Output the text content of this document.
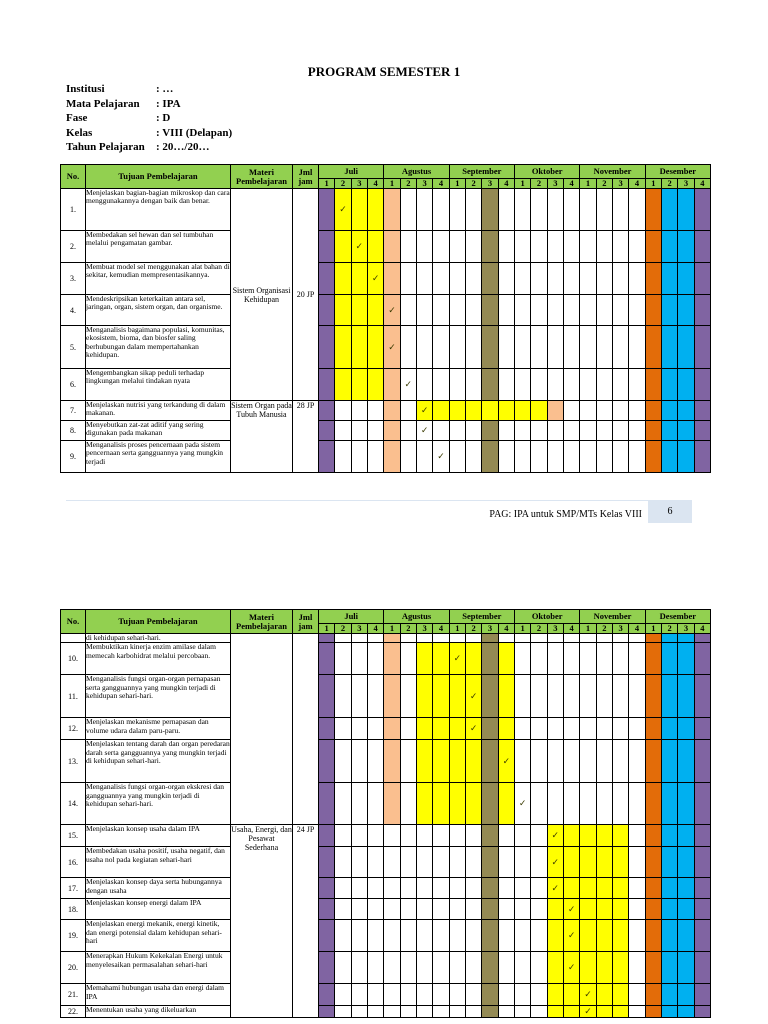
PROGRAM SEMESTER 1
Institusi	: …
Mata Pelajaran	: IPA
Fase	: D
Kelas	: VIII (Delapan)
Tahun Pelajaran	: 20…/20…
No.	Tujuan Pembelajaran	Materi Pembelajaran	Jml jam	Juli				Agustus				September				Oktober				November				Desember			
				1	2	3	4	1	2	3	4	1	2	3	4	1	2	3	4	1	2	3	4	1	2	3	4
1.	Menjelaskan bagian-bagian mikroskop dan cara menggunakannya dengan baik dan benar.	Sistem Organisasi Kehidupan	20 JP		✓																						
2.	Membedakan sel hewan dan sel tumbuhan melalui pengamatan gambar.					✓																					
3.	Membuat model sel menggunakan alat bahan di sekitar, kemudian mempresentasikannya.						✓																				
4.	Mendeskripsikan keterkaitan antara sel, jaringan, organ, sistem organ, dan organisme.							✓																			
5.	Menganalisis bagaimana populasi, komunitas, ekosistem, bioma, dan biosfer saling berhubungan dalam mempertahankan kehidupan.							✓																			
6.	Mengembangkan sikap peduli terhadap lingkungan melalui tindakan nyata								✓																		
7.	Menjelaskan nutrisi yang terkandung di dalam makanan.	Sistem Organ pada Tubuh Manusia	28 JP							✓																	
8.	Menyebutkan zat-zat aditif yang sering digunakan pada makanan									✓																	
9.	Menganalisis proses pencernaan pada sistem pencernaan serta gangguannya yang mungkin terjadi										✓																
PAG: IPA untuk SMP/MTs Kelas VIII	6
No.	Tujuan Pembelajaran	Materi Pembelajaran	Jml jam	Juli				Agustus				September				Oktober				November				Desember			
				1	2	3	4	1	2	3	4	1	2	3	4	1	2	3	4	1	2	3	4	1	2	3	4
	di kehidupan sehari-hari.																										
10.	Membuktikan kinerja enzim amilase dalam memecah karbohidrat melalui percobaan.											✓															
11.	Menganalisis fungsi organ-organ pernapasan serta gangguannya yang mungkin terjadi di kehidupan sehari-hari.												✓														
12.	Menjelaskan mekanisme pernapasan dan volume udara dalam paru-paru.												✓														
13.	Menjelaskan tentang darah dan organ peredaran darah serta gangguannya yang mungkin terjadi di kehidupan sehari-hari.														✓												
14.	Menganalisis fungsi organ-organ ekskresi dan gangguannya yang mungkin terjadi di kehidupan sehari-hari.															✓											
15.	Menjelaskan konsep usaha dalam IPA	Usaha, Energi, dan Pesawat Sederhana	24 JP															✓									
16.	Membedakan usaha positif, usaha negatif, dan usaha nol pada kegiatan sehari-hari																	✓									
17.	Menjelaskan konsep daya serta hubungannya dengan usaha																	✓									
18.	Menjelaskan konsep energi dalam IPA																		✓								
19.	Menjelaskan energi mekanik, energi kinetik, dan energi potensial dalam kehidupan sehari-hari																		✓								
20.	Menerapkan Hukum Kekekalan Energi untuk menyelesaikan permasalahan sehari-hari																		✓								
21.	Memahami hubungan usaha dan energi dalam IPA																			✓							
22.	Menentukan usaha yang dikeluarkan																			✓							
